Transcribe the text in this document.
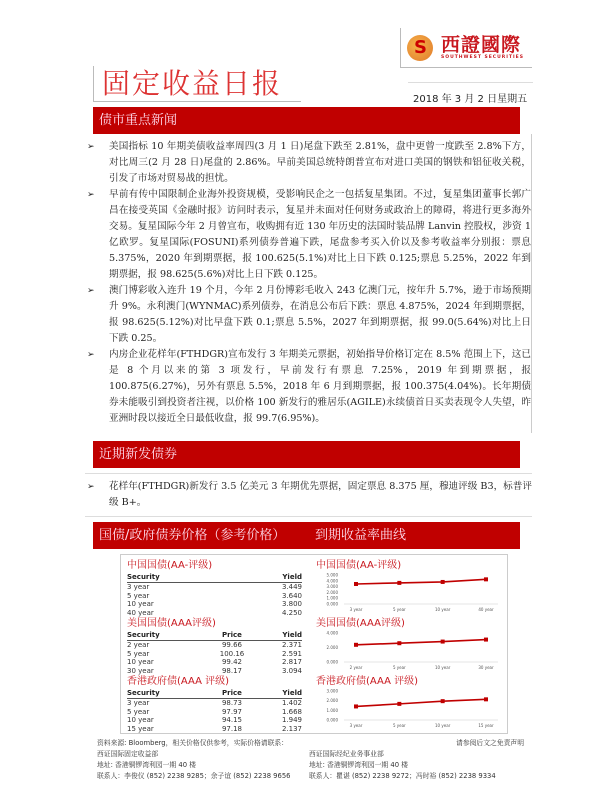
S
西證國際
SOUTHWEST SECURITIES
固定收益日报	2018 年 3 月 2 日星期五
债市重点新闻
➢ 美国指标 10 年期美债收益率周四(3 月 1 日)尾盘下跌至 2.81%，盘中更曾一度跌至 2.8%下方，对比周三(2 月 28 日)尾盘的 2.86%。早前美国总统特朗普宣布对进口美国的钢铁和铝征收关税，引发了市场对贸易战的担忧。
➢ 早前有传中国限制企业海外投资规模，受影响民企之一包括复星集团。不过，复星集团董事长郭广昌在接受英国《金融时报》访问时表示，复星并未面对任何财务或政治上的障碍，将进行更多海外交易。复星国际今年 2 月曾宣布，收购拥有近 130 年历史的法国时装品牌 Lanvin 控股权，涉资 1 亿欧罗。复星国际(FOSUNI)系列债券普遍下跌，尾盘参考买入价以及参考收益率分别报：票息 5.375%，2020 年到期票据，报 100.625(5.1%)对比上日下跌 0.125;票息 5.25%，2022 年到期票据，报 98.625(5.6%)对比上日下跌 0.125。
➢ 澳门博彩收入连升 19 个月，今年 2 月份博彩毛收入 243 亿澳门元，按年升 5.7%，逊于市场预期升 9%。永利澳门(WYNMAC)系列债券，在消息公布后下跌：票息 4.875%，2024 年到期票据，报 98.625(5.12%)对比早盘下跌 0.1;票息 5.5%，2027 年到期票据，报 99.0(5.64%)对比上日下跌 0.25。
➢ 内房企业花样年(FTHDGR)宣布发行 3 年期美元票据，初始指导价格订定在 8.5% 范围上下，这已是 8 个月以来的第 3 项发行，早前发行有票息 7.25%，2019 年到期票据，报 100.875(6.27%)，另外有票息 5.5%，2018 年 6 月到期票据，报 100.375(4.04%)。长年期债券未能吸引到投资者注视，以价格 100 新发行的雅居乐(AGILE)永续债首日买卖表现令人失望，昨亚洲时段以接近全日最低收盘，报 99.7(6.95%)。
近期新发债券
➢ 花样年(FTHDGR)新发行 3.5 亿美元 3 年期优先票据，固定票息 8.375 厘，穆迪评级 B3，标普评级 B+。
国债/政府债券价格（参考价格） 到期收益率曲线
中国国债(AA-评级)
Security	Yield
3 year	3.449
5 year	3.640
10 year	3.800
40 year	4.250
美国国债(AAA评级)
Security	Price	Yield
2 year	99.66	2.371
5 year	100.16	2.591
10 year	99.42	2.817
30 year	98.17	3.094
香港政府债(AAA 评级)
Security	Price	Yield
3 year	98.73	1.402
5 year	97.97	1.668
10 year	94.15	1.949
15 year	97.18	2.137
中国国债(AA-评级)
0.000
1.000
2.000
3.000
4.000
5.000
3 year	5 year	10 year	40 year
美国国债(AAA评级)
0.000
2.000
4.000
2 year	5 year	10 year	30 year
香港政府债(AAA 评级)
0.000
1.000
2.000
3.000
3 year	5 year	10 year	15 year
资料来源: Bloomberg，相关价格仅供参考，实际价格请联系：
西证国际固定收益部
地址: 香港铜锣湾利园一期 40 楼
联系人：李俊仪 (852) 2238 9285；余子谊 (852) 2238 9656
请参阅后文之免责声明
西证国际经纪业务事业部
地址: 香港铜锣湾利园一期 40 楼
联系人：瞿谌 (852) 2238 9272；冯时裕 (852) 2238 9334
